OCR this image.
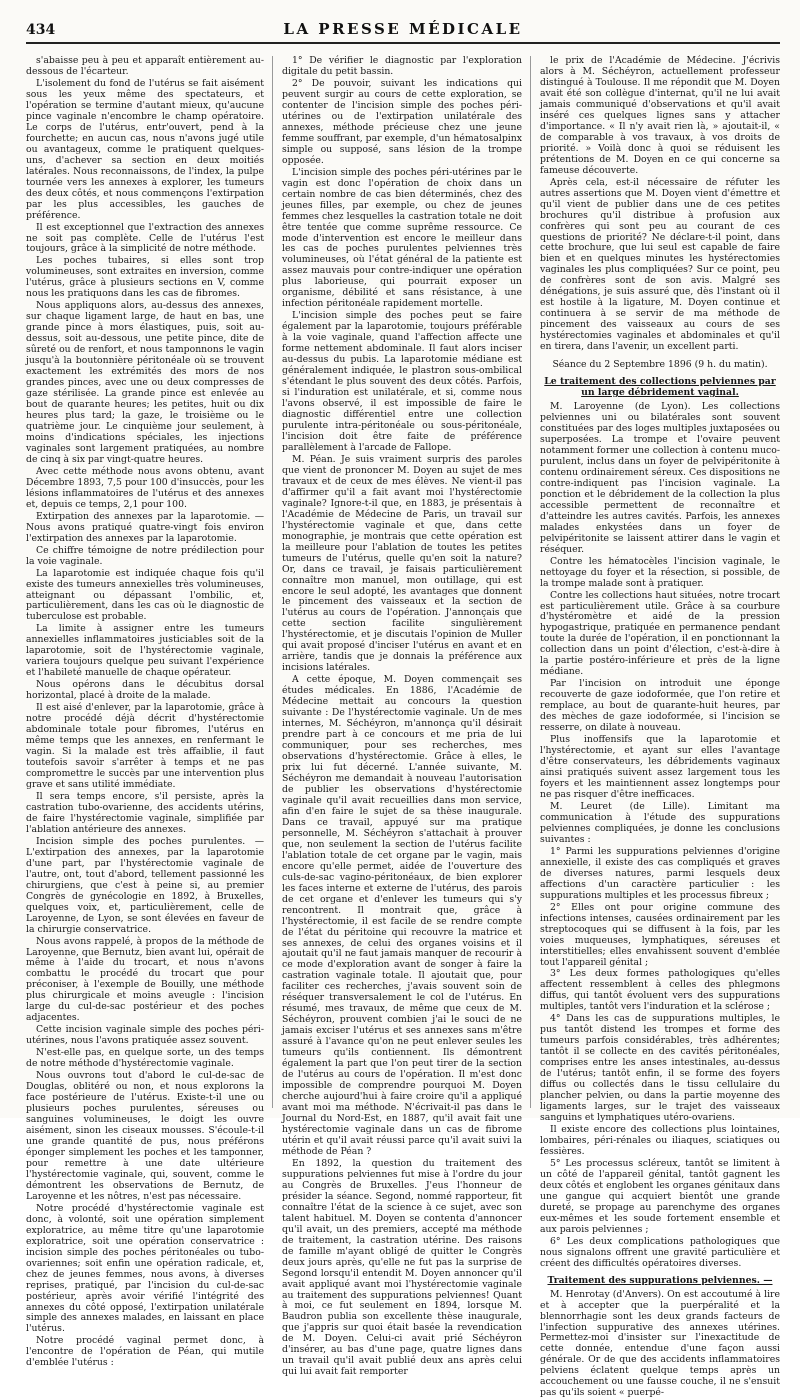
434	LA PRESSE MÉDICALE

s'abaisse peu à peu et apparaît entièrement au-dessous de l'écarteur.

L'isolement du fond de l'utérus se fait aisément sous les yeux même des spectateurs, et l'opération se termine d'autant mieux, qu'aucune pince vaginale n'encombre le champ opératoire. Le corps de l'utérus, entr'ouvert, pend à la fourchette; en aucun cas, nous n'avons jugé utile ou avantageux, comme le pratiquent quelques-uns, d'achever sa section en deux moitiés latérales. Nous reconnaissons, de l'index, la pulpe tournée vers les annexes à explorer, les tumeurs des deux côtés, et nous commençons l'extirpation par les plus accessibles, les gauches de préférence.

Il est exceptionnel que l'extraction des annexes ne soit pas complète. Celle de l'utérus l'est toujours, grâce à la simplicité de notre méthode.

Les poches tubaires, si elles sont trop volumineuses, sont extraites en inversion, comme l'utérus, grâce à plusieurs sections en V, comme nous les pratiquons dans les cas de fibromes.

Nous appliquons alors, au-dessus des annexes, sur chaque ligament large, de haut en bas, une grande pince à mors élastiques, puis, soit au-dessus, soit au-dessous, une petite pince, dite de sûreté ou de renfort, et nous tamponnons le vagin jusqu'à la boutonnière péritonéale où se trouvent exactement les extrémités des mors de nos grandes pinces, avec une ou deux compresses de gaze stérilisée. La grande pince est enlevée au bout de quarante heures; les petites, huit ou dix heures plus tard; la gaze, le troisième ou le quatrième jour. Le cinquième jour seulement, à moins d'indications spéciales, les injections vaginales sont largement pratiquées, au nombre de cinq à six par vingt-quatre heures.

Avec cette méthode nous avons obtenu, avant Décembre 1893, 7,5 pour 100 d'insuccès, pour les lésions inflammatoires de l'utérus et des annexes et, depuis ce temps, 2,1 pour 100.

Extirpation des annexes par la laparotomie. — Nous avons pratiqué quatre-vingt fois environ l'extirpation des annexes par la laparotomie.

Ce chiffre témoigne de notre prédilection pour la voie vaginale.

La laparotomie est indiquée chaque fois qu'il existe des tumeurs annexielles très volumineuses, atteignant ou dépassant l'ombilic, et, particulièrement, dans les cas où le diagnostic de tuberculose est probable.

La limite à assigner entre les tumeurs annexielles inflammatoires justiciables soit de la laparotomie, soit de l'hystérectomie vaginale, variera toujours quelque peu suivant l'expérience et l'habileté manuelle de chaque opérateur.

Nous opérons dans le décubitus dorsal horizontal, placé à droite de la malade.

Il est aisé d'enlever, par la laparotomie, grâce à notre procédé déjà décrit d'hystérectomie abdominale totale pour fibromes, l'utérus en même temps que les annexes, en renfermant le vagin. Si la malade est très affaiblie, il faut toutefois savoir s'arrêter à temps et ne pas compromettre le succès par une intervention plus grave et sans utilité immédiate.

Il sera temps encore, s'il persiste, après la castration tubo-ovarienne, des accidents utérins, de faire l'hystérectomie vaginale, simplifiée par l'ablation antérieure des annexes.

Incision simple des poches purulentes. — L'extirpation des annexes, par la laparotomie d'une part, par l'hystérectomie vaginale de l'autre, ont, tout d'abord, tellement passionné les chirurgiens, que c'est à peine si, au premier Congrès de gynécologie en 1892, à Bruxelles, quelques voix, et, particulièrement, celle de Laroyenne, de Lyon, se sont élevées en faveur de la chirurgie conservatrice.

Nous avons rappelé, à propos de la méthode de Laroyenne, que Bernutz, bien avant lui, opérait de même à l'aide du trocart, et nous n'avons combattu le procédé du trocart que pour préconiser, à l'exemple de Bouilly, une méthode plus chirurgicale et moins aveugle : l'incision large du cul-de-sac postérieur et des poches adjacentes.

Cette incision vaginale simple des poches péri-utérines, nous l'avons pratiquée assez souvent.

N'est-elle pas, en quelque sorte, un des temps de notre méthode d'hystérectomie vaginale.

Nous ouvrons tout d'abord le cul-de-sac de Douglas, oblitéré ou non, et nous explorons la face postérieure de l'utérus. Existe-t-il une ou plusieurs poches purulentes, séreuses ou sanguines volumineuses, le doigt les ouvre aisément, sinon les ciseaux mousses. S'écoule-t-il une grande quantité de pus, nous préférons éponger simplement les poches et les tamponner, pour remettre à une date ultérieure l'hystérectomie vaginale, qui, souvent, comme le démontrent les observations de Bernutz, de Laroyenne et les nôtres, n'est pas nécessaire.

Notre procédé d'hystérectomie vaginale est donc, à volonté, soit une opération simplement exploratrice, au même titre qu'une laparotomie exploratrice, soit une opération conservatrice : incision simple des poches péritonéales ou tubo-ovariennes; soit enfin une opération radicale, et, chez de jeunes femmes, nous avons, à diverses reprises, pratiqué, par l'incision du cul-de-sac postérieur, après avoir vérifié l'intégrité des annexes du côté opposé, l'extirpation unilatérale simple des annexes malades, en laissant en place l'utérus.

Notre procédé vaginal permet donc, à l'encontre de l'opération de Péan, qui mutile d'emblée l'utérus :

1° De vérifier le diagnostic par l'exploration digitale du petit bassin.

2° De pouvoir, suivant les indications qui peuvent surgir au cours de cette exploration, se contenter de l'incision simple des poches péri-utérines ou de l'extirpation unilatérale des annexes, méthode précieuse chez une jeune femme souffrant, par exemple, d'un hématosalpinx simple ou supposé, sans lésion de la trompe opposée.

L'incision simple des poches péri-utérines par le vagin est donc l'opération de choix dans un certain nombre de cas bien déterminés, chez des jeunes filles, par exemple, ou chez de jeunes femmes chez lesquelles la castration totale ne doit être tentée que comme suprême ressource. Ce mode d'intervention est encore le meilleur dans les cas de poches purulentes pelviennes très volumineuses, où l'état général de la patiente est assez mauvais pour contre-indiquer une opération plus laborieuse, qui pourrait exposer un organisme, débilité et sans résistance, à une infection péritonéale rapidement mortelle.

L'incision simple des poches peut se faire également par la laparotomie, toujours préférable à la voie vaginale, quand l'affection affecte une forme nettement abdominale. Il faut alors inciser au-dessus du pubis. La laparotomie médiane est généralement indiquée, le plastron sous-ombilical s'étendant le plus souvent des deux côtés. Parfois, si l'induration est unilatérale, et si, comme nous l'avons observé, il est impossible de faire le diagnostic différentiel entre une collection purulente intra-péritonéale ou sous-péritonéale, l'incision doit être faite de préférence parallèlement à l'arcade de Fallope.

M. Péan. Je suis vraiment surpris des paroles que vient de prononcer M. Doyen au sujet de mes travaux et de ceux de mes élèves. Ne vient-il pas d'affirmer qu'il a fait avant moi l'hystérectomie vaginale? Ignore-t-il que, en 1883, je présentais à l'Académie de Médecine de Paris, un travail sur l'hystérectomie vaginale et que, dans cette monographie, je montrais que cette opération est la meilleure pour l'ablation de toutes les petites tumeurs de l'utérus, quelle qu'en soit la nature? Or, dans ce travail, je faisais particulièrement connaître mon manuel, mon outillage, qui est encore le seul adopté, les avantages que donnent le pincement des vaisseaux et la section de l'utérus au cours de l'opération. J'annonçais que cette section facilite singulièrement l'hystérectomie, et je discutais l'opinion de Muller qui avait proposé d'inciser l'utérus en avant et en arrière, tandis que je donnais la préférence aux incisions latérales.

A cette époque, M. Doyen commençait ses études médicales. En 1886, l'Académie de Médecine mettait au concours la question suivante : De l'hystérectomie vaginale. Un de mes internes, M. Séchéyron, m'annonça qu'il désirait prendre part à ce concours et me pria de lui communiquer, pour ses recherches, mes observations d'hystérectomie. Grâce à elles, le prix lui fut décerné. L'année suivante, M. Séchéyron me demandait à nouveau l'autorisation de publier les observations d'hystérectomie vaginale qu'il avait recueillies dans mon service, afin d'en faire le sujet de sa thèse inaugurale. Dans ce travail, appuyé sur ma pratique personnelle, M. Séchéyron s'attachait à prouver que, non seulement la section de l'utérus facilite l'ablation totale de cet organe par le vagin, mais encore qu'elle permet, aidée de l'ouverture des culs-de-sac vagino-péritonéaux, de bien explorer les faces interne et externe de l'utérus, des parois de cet organe et d'enlever les tumeurs qui s'y rencontrent. Il montrait que, grâce à l'hystérectomie, il est facile de se rendre compte de l'état du péritoine qui recouvre la matrice et ses annexes, de celui des organes voisins et il ajoutait qu'il ne faut jamais manquer de recourir à ce mode d'exploration avant de songer à faire la castration vaginale totale. Il ajoutait que, pour faciliter ces recherches, j'avais souvent soin de réséquer transversalement le col de l'utérus. En résumé, mes travaux, de même que ceux de M. Séchéyron, prouvent combien j'ai le souci de ne jamais exciser l'utérus et ses annexes sans m'être assuré à l'avance qu'on ne peut enlever seules les tumeurs qu'ils contiennent. Ils démontrent également la part que l'on peut tirer de la section de l'utérus au cours de l'opération. Il m'est donc impossible de comprendre pourquoi M. Doyen cherche aujourd'hui à faire croire qu'il a appliqué avant moi ma méthode. N'écrivait-il pas dans le Journal du Nord-Est, en 1887, qu'il avait fait une hystérectomie vaginale dans un cas de fibrome utérin et qu'il avait réussi parce qu'il avait suivi la méthode de Péan ?

En 1892, la question du traitement des suppurations pelviennes fut mise à l'ordre du jour au Congrès de Bruxelles. J'eus l'honneur de présider la séance. Segond, nommé rapporteur, fit connaître l'état de la science à ce sujet, avec son talent habituel. M. Doyen se contenta d'annoncer qu'il avait, un des premiers, accepté ma méthode de traitement, la castration utérine. Des raisons de famille m'ayant obligé de quitter le Congrès deux jours après, qu'elle ne fut pas la surprise de Segond lorsqu'il entendit M. Doyen annoncer qu'il avait appliqué avant moi l'hystérectomie vaginale au traitement des suppurations pelviennes! Quant à moi, ce fut seulement en 1894, lorsque M. Baudron publia son excellente thèse inaugurale, que j'appris sur quoi était basée la revendication de M. Doyen. Celui-ci avait prié Séchéyron d'insérer, au bas d'une page, quatre lignes dans un travail qu'il avait publié deux ans après celui qui lui avait fait remporter

le prix de l'Académie de Médecine. J'écrivis alors à M. Séchéyron, actuellement professeur distingué à Toulouse. Il me répondit que M. Doyen avait été son collègue d'internat, qu'il ne lui avait jamais communiqué d'observations et qu'il avait inséré ces quelques lignes sans y attacher d'importance. « Il n'y avait rien là, » ajoutait-il, « de comparable à vos travaux, à vos droits de priorité. » Voilà donc à quoi se réduisent les prétentions de M. Doyen en ce qui concerne sa fameuse découverte.

Après cela, est-il nécessaire de réfuter les autres assertions que M. Doyen vient d'émettre et qu'il vient de publier dans une de ces petites brochures qu'il distribue à profusion aux confrères qui sont peu au courant de ces questions de priorité? Ne déclare-t-il point, dans cette brochure, que lui seul est capable de faire bien et en quelques minutes les hystérectomies vaginales les plus compliquées? Sur ce point, peu de confrères sont de son avis. Malgré ses dénégations, je suis assuré que, dès l'instant où il est hostile à la ligature, M. Doyen continue et continuera à se servir de ma méthode de pincement des vaisseaux au cours de ses hystérectomies vaginales et abdominales et qu'il en tirera, dans l'avenir, un excellent parti.

Séance du 2 Septembre 1896 (9 h. du matin).

Le traitement des collections pelviennes par un large débridement vaginal.

M. Laroyenne (de Lyon). Les collections pelviennes uni ou bilatérales sont souvent constituées par des loges multiples juxtaposées ou superposées. La trompe et l'ovaire peuvent notamment former une collection à contenu muco-purulent, inclus dans un foyer de pelvipéritonite à contenu ordinairement séreux. Ces dispositions ne contre-indiquent pas l'incision vaginale. La ponction et le débridement de la collection la plus accessible permettent de reconnaître et d'atteindre les autres cavités. Parfois, les annexes malades enkystées dans un foyer de pelvipéritonite se laissent attirer dans le vagin et réséquer.

Contre les hématocèles l'incision vaginale, le nettoyage du foyer et la résection, si possible, de la trompe malade sont à pratiquer.

Contre les collections haut situées, notre trocart est particulièrement utile. Grâce à sa courbure d'hystéromètre et aidé de la pression hypogastrique, pratiquée en permanence pendant toute la durée de l'opération, il en ponctionnant la collection dans un point d'élection, c'est-à-dire à la partie postéro-inférieure et près de la ligne médiane.

Par l'incision on introduit une éponge recouverte de gaze iodoformée, que l'on retire et remplace, au bout de quarante-huit heures, par des mèches de gaze iodoformée, si l'incision se resserre, on dilate à nouveau.

Plus inoffensifs que la laparotomie et l'hystérectomie, et ayant sur elles l'avantage d'être conservateurs, les débridements vaginaux ainsi pratiqués suivent assez largement tous les foyers et les maintiennent assez longtemps pour ne pas risquer d'être inefficaces.

M. Leuret (de Lille). Limitant ma communication à l'étude des suppurations pelviennes compliquées, je donne les conclusions suivantes :

1° Parmi les suppurations pelviennes d'origine annexielle, il existe des cas compliqués et graves de diverses natures, parmi lesquels deux affections d'un caractère particulier : les suppurations multiples et les processus fibreux ;

2° Elles ont pour origine commune des infections intenses, causées ordinairement par les streptocoques qui se diffusent à la fois, par les voies muqueuses, lymphatiques, séreuses et interstitielles; elles envahissent souvent d'emblée tout l'appareil génital ;

3° Les deux formes pathologiques qu'elles affectent ressemblent à celles des phlegmons diffus, qui tantôt évoluent vers des suppurations multiples, tantôt vers l'induration et la sclérose ;

4° Dans les cas de suppurations multiples, le pus tantôt distend les trompes et forme des tumeurs parfois considérables, très adhérentes; tantôt il se collecte en des cavités péritonéales, comprises entre les anses intestinales, au-dessus de l'utérus; tantôt enfin, il se forme des foyers diffus ou collectés dans le tissu cellulaire du plancher pelvien, ou dans la partie moyenne des ligaments larges, sur le trajet des vaisseaux sanguins et lymphatiques utéro-ovariens.

Il existe encore des collections plus lointaines, lombaires, péri-rénales ou iliaques, sciatiques ou fessières.

5° Les processus scléreux, tantôt se limitent à un côté de l'appareil génital, tantôt gagnent les deux côtés et englobent les organes génitaux dans une gangue qui acquiert bientôt une grande dureté, se propage au parenchyme des organes eux-mêmes et les soude fortement ensemble et aux parois pelviennes ;

6° Les deux complications pathologiques que nous signalons offrent une gravité particulière et créent des difficultés opératoires diverses.

Traitement des suppurations pelviennes. —

M. Henrotay (d'Anvers). On est accoutumé à lire et à accepter que la puerpéralité et la blennorrhagie sont les deux grands facteurs de l'infection suppurative des annexes utérines. Permettez-moi d'insister sur l'inexactitude de cette donnée, entendue d'une façon aussi générale. Or de que des accidents inflammatoires pelviens éclatent quelque temps après un accouchement ou une fausse couche, il ne s'ensuit pas qu'ils soient « puerpé-
